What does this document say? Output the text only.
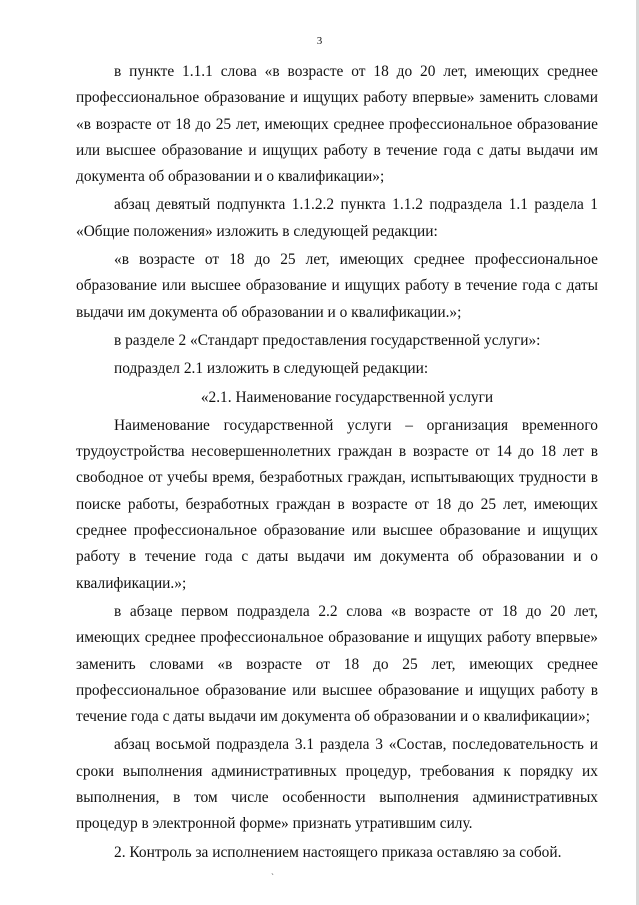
3

в пункте 1.1.1 слова «в возрасте от 18 до 20 лет, имеющих среднее профессиональное образование и ищущих работу впервые» заменить словами «в возрасте от 18 до 25 лет, имеющих среднее профессиональное образование или высшее образование и ищущих работу в течение года с даты выдачи им документа об образовании и о квалификации»;

абзац девятый подпункта 1.1.2.2 пункта 1.1.2 подраздела 1.1 раздела 1 «Общие положения» изложить в следующей редакции:

«в возрасте от 18 до 25 лет, имеющих среднее профессиональное образование или высшее образование и ищущих работу в течение года с даты выдачи им документа об образовании и о квалификации.»;

в разделе 2 «Стандарт предоставления государственной услуги»:

подраздел 2.1 изложить в следующей редакции:

«2.1. Наименование государственной услуги

Наименование государственной услуги – организация временного трудоустройства несовершеннолетних граждан в возрасте от 14 до 18 лет в свободное от учебы время, безработных граждан, испытывающих трудности в поиске работы, безработных граждан в возрасте от 18 до 25 лет, имеющих среднее профессиональное образование или высшее образование и ищущих работу в течение года с даты выдачи им документа об образовании и о квалификации.»;

в абзаце первом подраздела 2.2 слова «в возрасте от 18 до 20 лет, имеющих среднее профессиональное образование и ищущих работу впервые» заменить словами «в возрасте от 18 до 25 лет, имеющих среднее профессиональное образование или высшее образование и ищущих работу в течение года с даты выдачи им документа об образовании и о квалификации»;

абзац восьмой подраздела 3.1 раздела 3 «Состав, последовательность и сроки выполнения административных процедур, требования к порядку их выполнения, в том числе особенности выполнения административных процедур в электронной форме» признать утратившим силу.

2. Контроль за исполнением настоящего приказа оставляю за собой.

`
